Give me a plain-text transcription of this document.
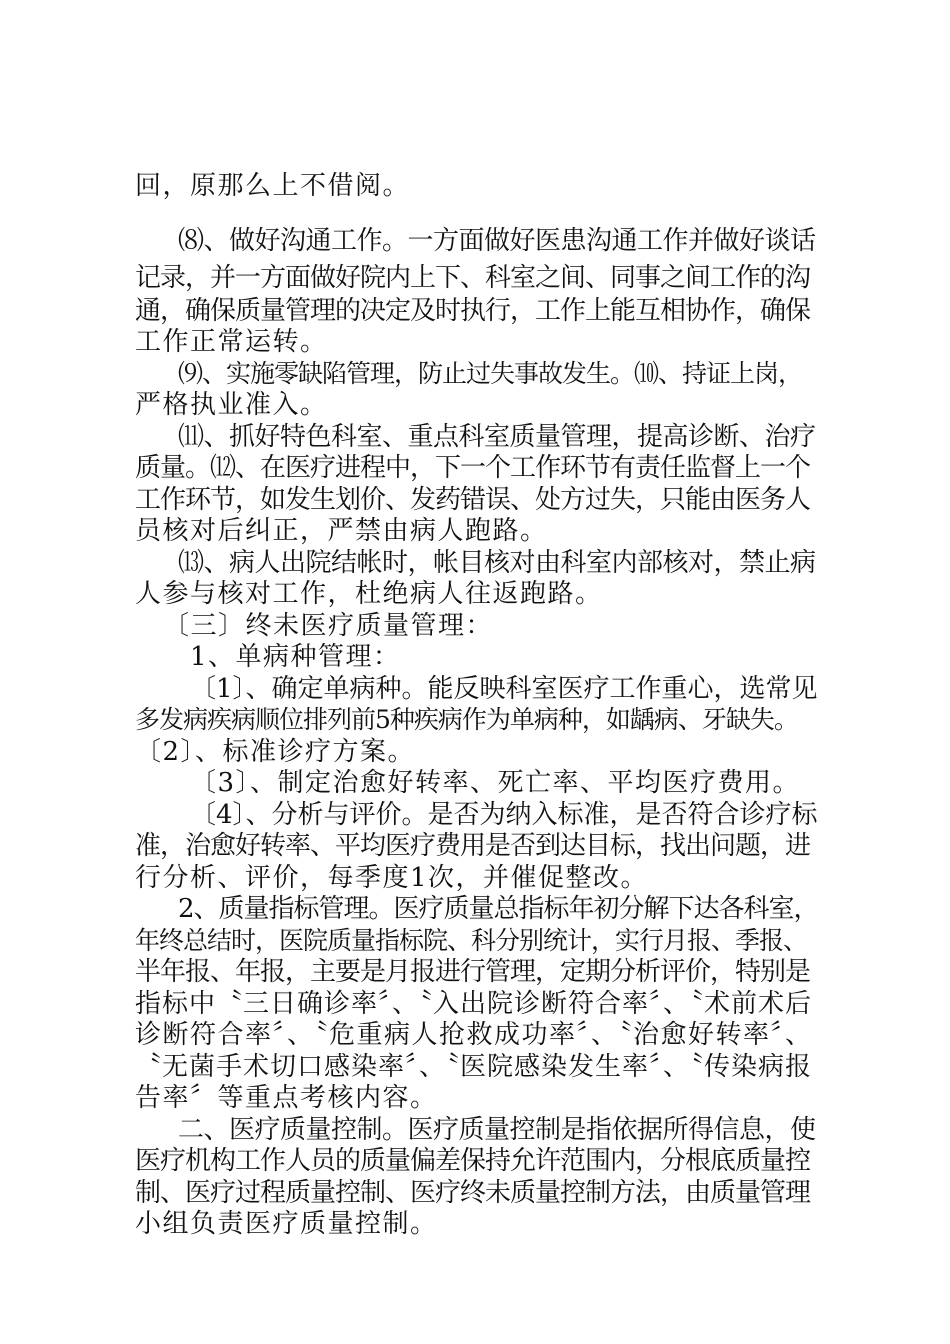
回，原那么上不借阅。
⑻、做好沟通工作。一方面做好医患沟通工作并做好谈话
记录，并一方面做好院内上下、科室之间、同事之间工作的沟
通，确保质量管理的决定及时执行，工作上能互相协作，确保
工作正常运转。
⑼、实施零缺陷管理，防止过失事故发生。⑽、持证上岗，
严格执业准入。
⑾、抓好特色科室、重点科室质量管理，提高诊断、治疗
质量。⑿、在医疗进程中，下一个工作环节有责任监督上一个
工作环节，如发生划价、发药错误、处方过失，只能由医务人
员核对后纠正，严禁由病人跑路。
⒀、病人出院结帐时，帐目核对由科室内部核对，禁止病
人参与核对工作，杜绝病人往返跑路。
〔三〕终未医疗质量管理：
1、单病种管理：
〔1〕、确定单病种。能反映科室医疗工作重心，选常见
多发病疾病顺位排列前5种疾病作为单病种，如龋病、牙缺失。
〔2〕、标准诊疗方案。
〔3〕、制定治愈好转率、死亡率、平均医疗费用。
〔4〕、分析与评价。是否为纳入标准，是否符合诊疗标
准，治愈好转率、平均医疗费用是否到达目标，找出问题，进
行分析、评价，每季度1次，并催促整改。
2、质量指标管理。医疗质量总指标年初分解下达各科室，
年终总结时，医院质量指标院、科分别统计，实行月报、季报、
半年报、年报，主要是月报进行管理，定期分析评价，特别是
指标中〝三日确诊率〞、〝入出院诊断符合率〞、〝术前术后
诊断符合率〞、〝危重病人抢救成功率〞、〝治愈好转率〞、
〝无菌手术切口感染率〞、〝医院感染发生率〞、〝传染病报
告率〞等重点考核内容。
二、医疗质量控制。医疗质量控制是指依据所得信息，使
医疗机构工作人员的质量偏差保持允许范围内，分根底质量控
制、医疗过程质量控制、医疗终未质量控制方法，由质量管理
小组负责医疗质量控制。
